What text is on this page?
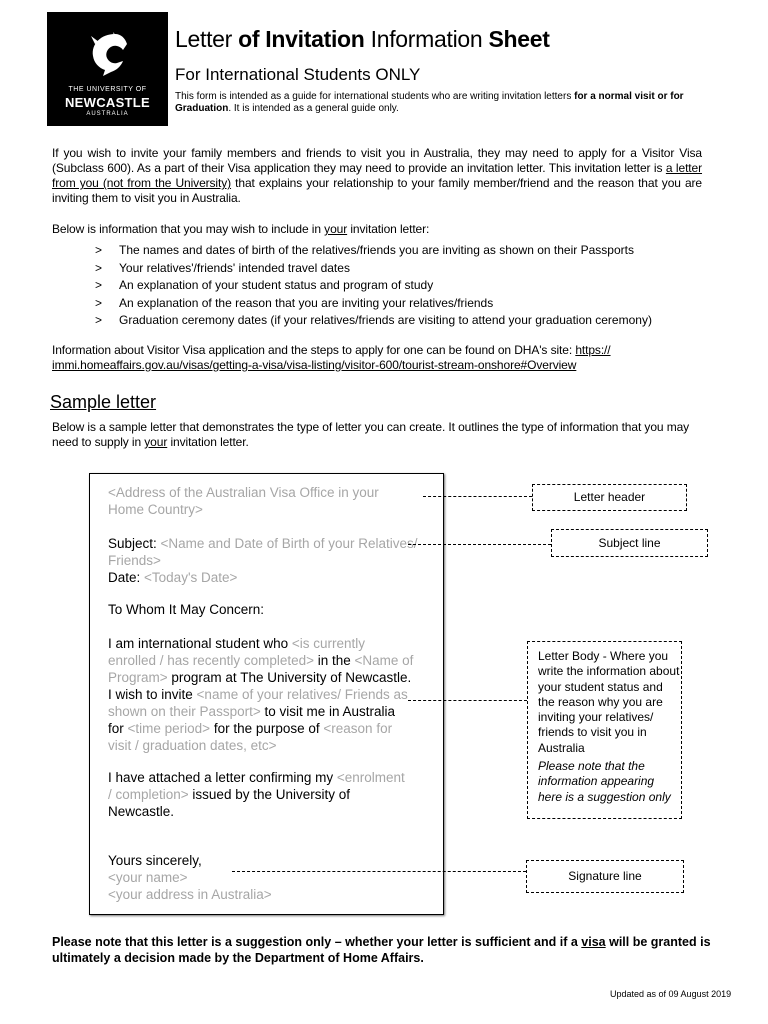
THE UNIVERSITY OF
NEWCASTLE
AUSTRALIA
Letter of Invitation Information Sheet
For International Students ONLY
This form is intended as a guide for international students who are writing invitation letters for a normal visit or for Graduation. It is intended as a general guide only.
If you wish to invite your family members and friends to visit you in Australia, they may need to apply for a Visitor Visa (Subclass 600). As a part of their Visa application they may need to provide an invitation letter. This invitation letter is a letter from you (not from the University) that explains your relationship to your family member/friend and the reason that you are inviting them to visit you in Australia.
Below is information that you may wish to include in your invitation letter:
> The names and dates of birth of the relatives/friends you are inviting as shown on their Passports
> Your relatives'/friends' intended travel dates
> An explanation of your student status and program of study
> An explanation of the reason that you are inviting your relatives/friends
> Graduation ceremony dates (if your relatives/friends are visiting to attend your graduation ceremony)
Information about Visitor Visa application and the steps to apply for one can be found on DHA's site: https:// immi.homeaffairs.gov.au/visas/getting-a-visa/visa-listing/visitor-600/tourist-stream-onshore#Overview
Sample letter
Below is a sample letter that demonstrates the type of letter you can create. It outlines the type of information that you may need to supply in your invitation letter.
<Address of the Australian Visa Office in your Home Country>
Subject: <Name and Date of Birth of your Relatives/ Friends>
Date: <Today's Date>
To Whom It May Concern:
I am international student who <is currently enrolled / has recently completed> in the <Name of Program> program at The University of Newcastle. I wish to invite <name of your relatives/ Friends as shown on their Passport> to visit me in Australia for <time period> for the purpose of <reason for visit / graduation dates, etc>
I have attached a letter confirming my <enrolment / completion> issued by the University of Newcastle.
Yours sincerely,
<your name>
<your address in Australia>
Letter header
Subject line
Letter Body - Where you write the information about your student status and the reason why you are inviting your relatives/ friends to visit you in Australia
Please note that the information appearing here is a suggestion only
Signature line
Please note that this letter is a suggestion only – whether your letter is sufficient and if a visa will be granted is ultimately a decision made by the Department of Home Affairs.
Updated as of 09 August 2019
